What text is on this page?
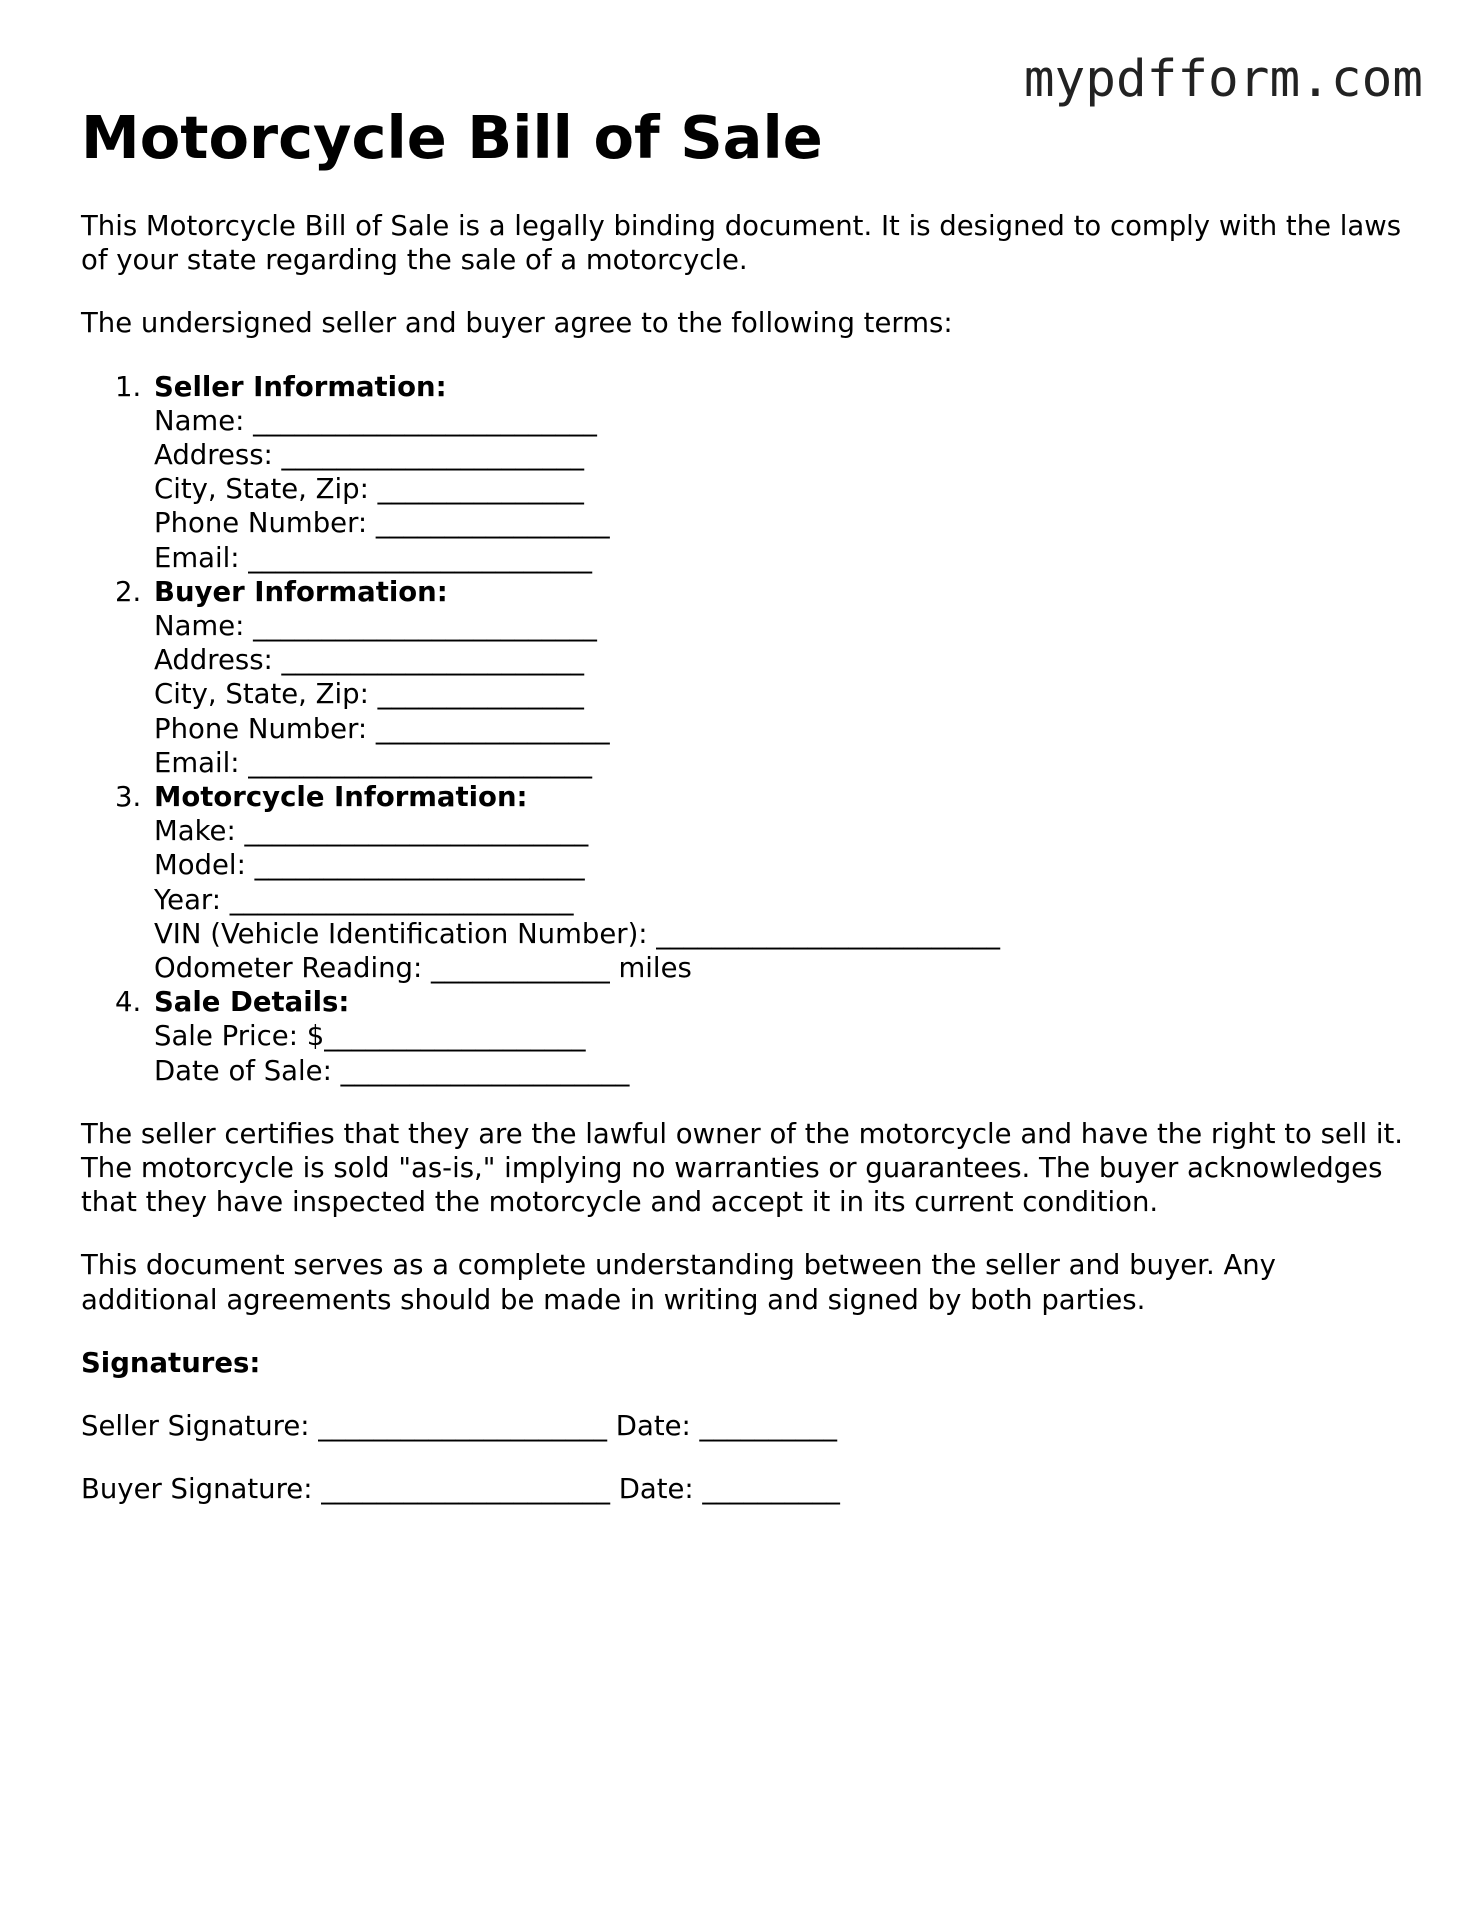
mypdfform.com
Motorcycle Bill of Sale

This Motorcycle Bill of Sale is a legally binding document. It is designed to comply with the laws of your state regarding the sale of a motorcycle.

The undersigned seller and buyer agree to the following terms:

1. Seller Information:
Name: _________________________
Address: ______________________
City, State, Zip: _______________
Phone Number: _________________
Email: _________________________
2. Buyer Information:
Name: _________________________
Address: ______________________
City, State, Zip: _______________
Phone Number: _________________
Email: _________________________
3. Motorcycle Information:
Make: _________________________
Model: ________________________
Year: _________________________
VIN (Vehicle Identification Number): _________________________
Odometer Reading: _____________ miles
4. Sale Details:
Sale Price: $___________________
Date of Sale: _____________________

The seller certifies that they are the lawful owner of the motorcycle and have the right to sell it. The motorcycle is sold "as-is," implying no warranties or guarantees. The buyer acknowledges that they have inspected the motorcycle and accept it in its current condition.

This document serves as a complete understanding between the seller and buyer. Any additional agreements should be made in writing and signed by both parties.

Signatures:

Seller Signature: _____________________ Date: __________

Buyer Signature: _____________________ Date: __________
